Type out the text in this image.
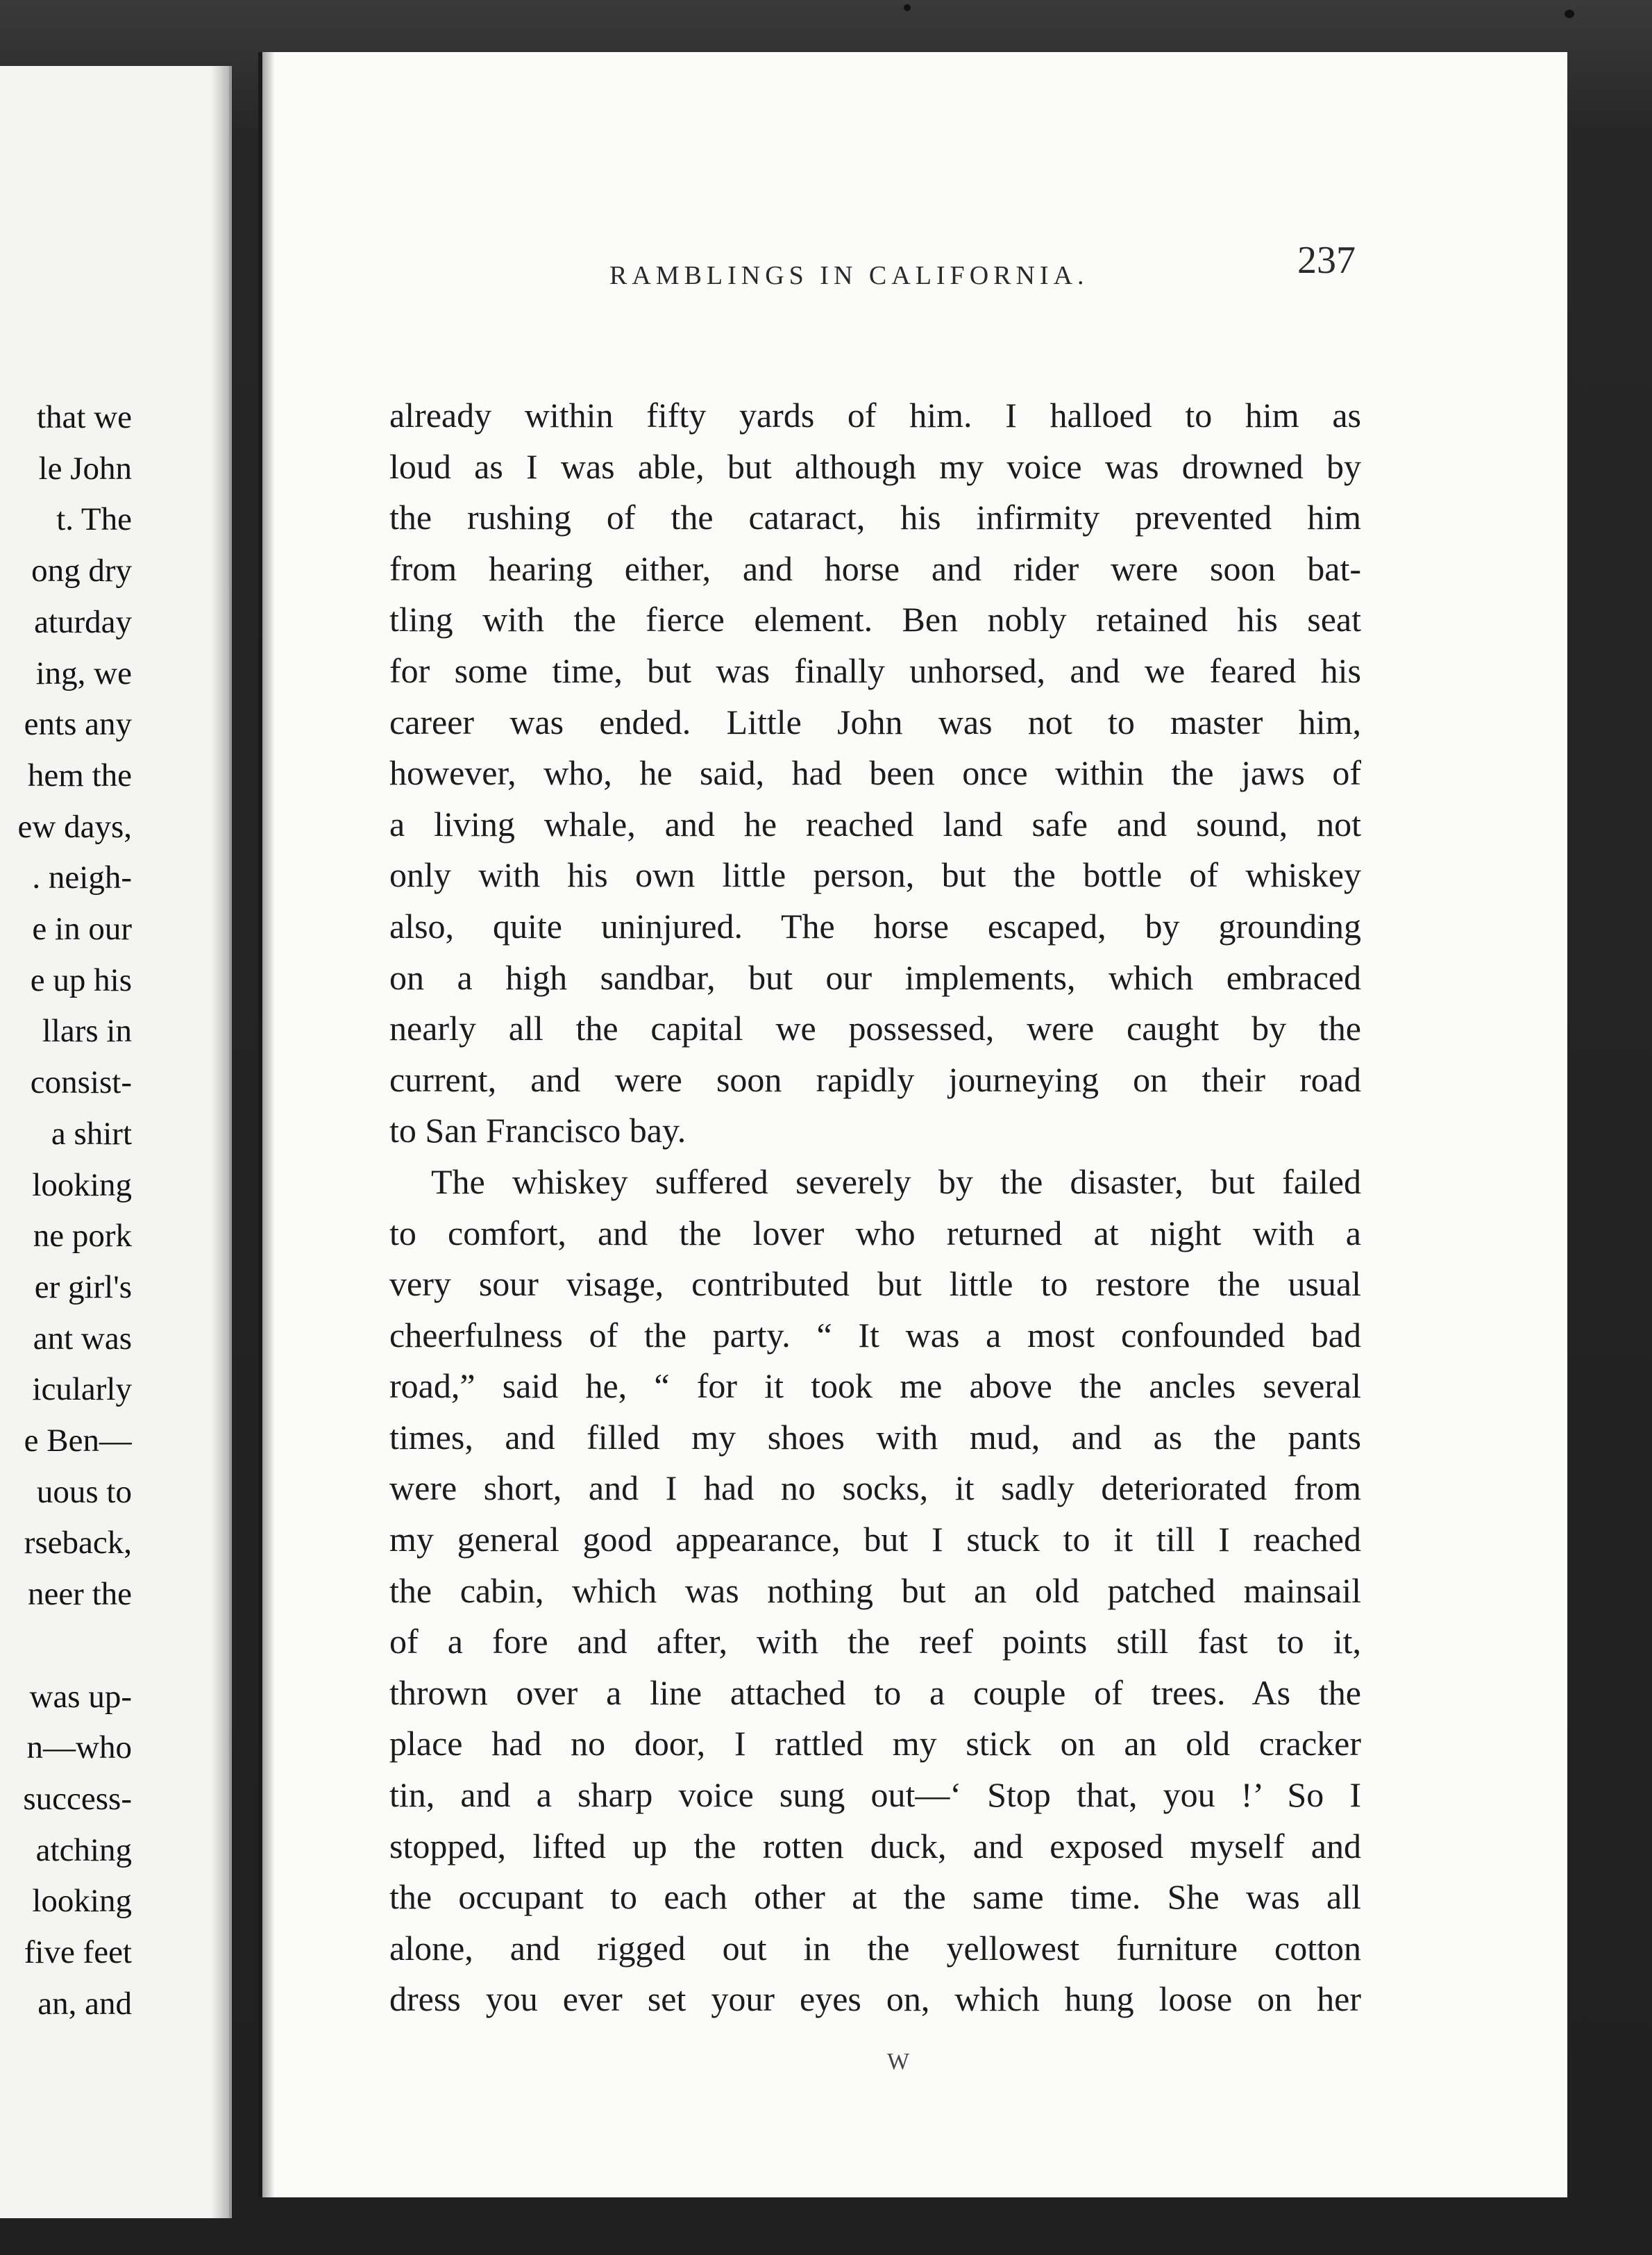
that we
le John
t. The
ong dry
aturday
ing, we
ents any
hem the
ew days,
. neigh-
e in our
e up his
llars in
consist-
a shirt
looking
ne pork
er girl's
ant was
icularly
e Ben—
uous to
rseback,
neer the
was up-
n—who
success-
atching
looking
five feet
an, and
RAMBLINGS IN CALIFORNIA.	237
already within fifty yards of him. I halloed to him as
loud as I was able, but although my voice was drowned by
the rushing of the cataract, his infirmity prevented him
from hearing either, and horse and rider were soon bat-
tling with the fierce element. Ben nobly retained his seat
for some time, but was finally unhorsed, and we feared his
career was ended. Little John was not to master him,
however, who, he said, had been once within the jaws of
a living whale, and he reached land safe and sound, not
only with his own little person, but the bottle of whiskey
also, quite uninjured. The horse escaped, by grounding
on a high sandbar, but our implements, which embraced
nearly all the capital we possessed, were caught by the
current, and were soon rapidly journeying on their road
to San Francisco bay.
The whiskey suffered severely by the disaster, but failed
to comfort, and the lover who returned at night with a
very sour visage, contributed but little to restore the usual
cheerfulness of the party. “ It was a most confounded bad
road,” said he, “ for it took me above the ancles several
times, and filled my shoes with mud, and as the pants
were short, and I had no socks, it sadly deteriorated from
my general good appearance, but I stuck to it till I reached
the cabin, which was nothing but an old patched mainsail
of a fore and after, with the reef points still fast to it,
thrown over a line attached to a couple of trees. As the
place had no door, I rattled my stick on an old cracker
tin, and a sharp voice sung out—‘ Stop that, you !’ So I
stopped, lifted up the rotten duck, and exposed myself and
the occupant to each other at the same time. She was all
alone, and rigged out in the yellowest furniture cotton
dress you ever set your eyes on, which hung loose on her
W
